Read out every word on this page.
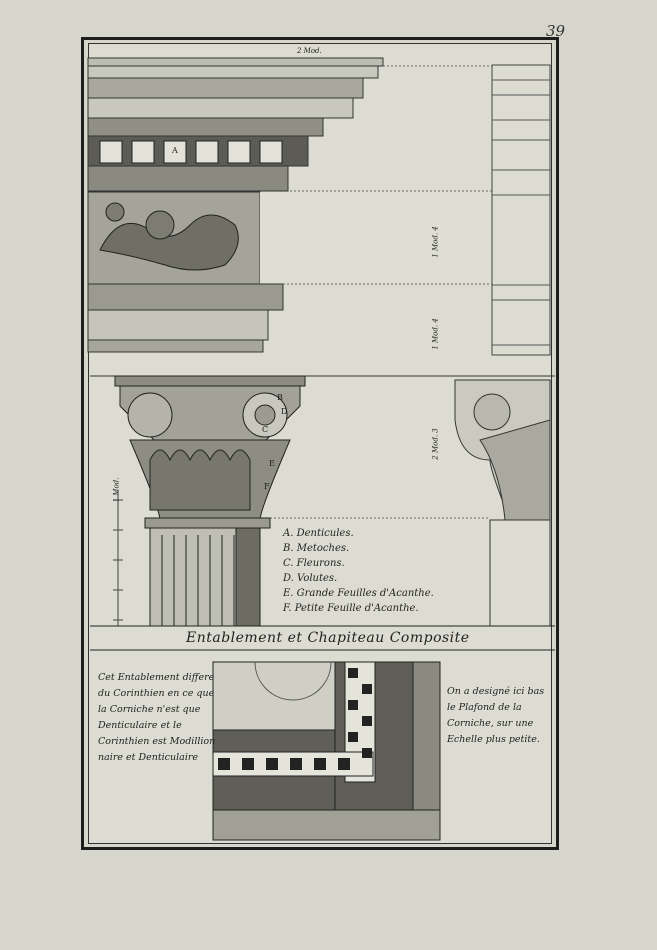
39
2 Mod.
1 Mod. 4
1 Mod. 4
2 Mod. 3
1 Mod.
A
B
C
D
E
F
A. Denticules.
B. Metoches.
C. Fleurons.
D. Volutes.
E. Grande Feuilles d'Acanthe.
F. Petite Feuille d'Acanthe.
Entablement et Chapiteau Composite
Cet Entablement differe
du Corinthien en ce que
la Corniche n'est que
Denticulaire et le
Corinthien est Modillion
naire et Denticulaire
On a designé ici bas
le Plafond de la
Corniche, sur une
Echelle plus petite.
